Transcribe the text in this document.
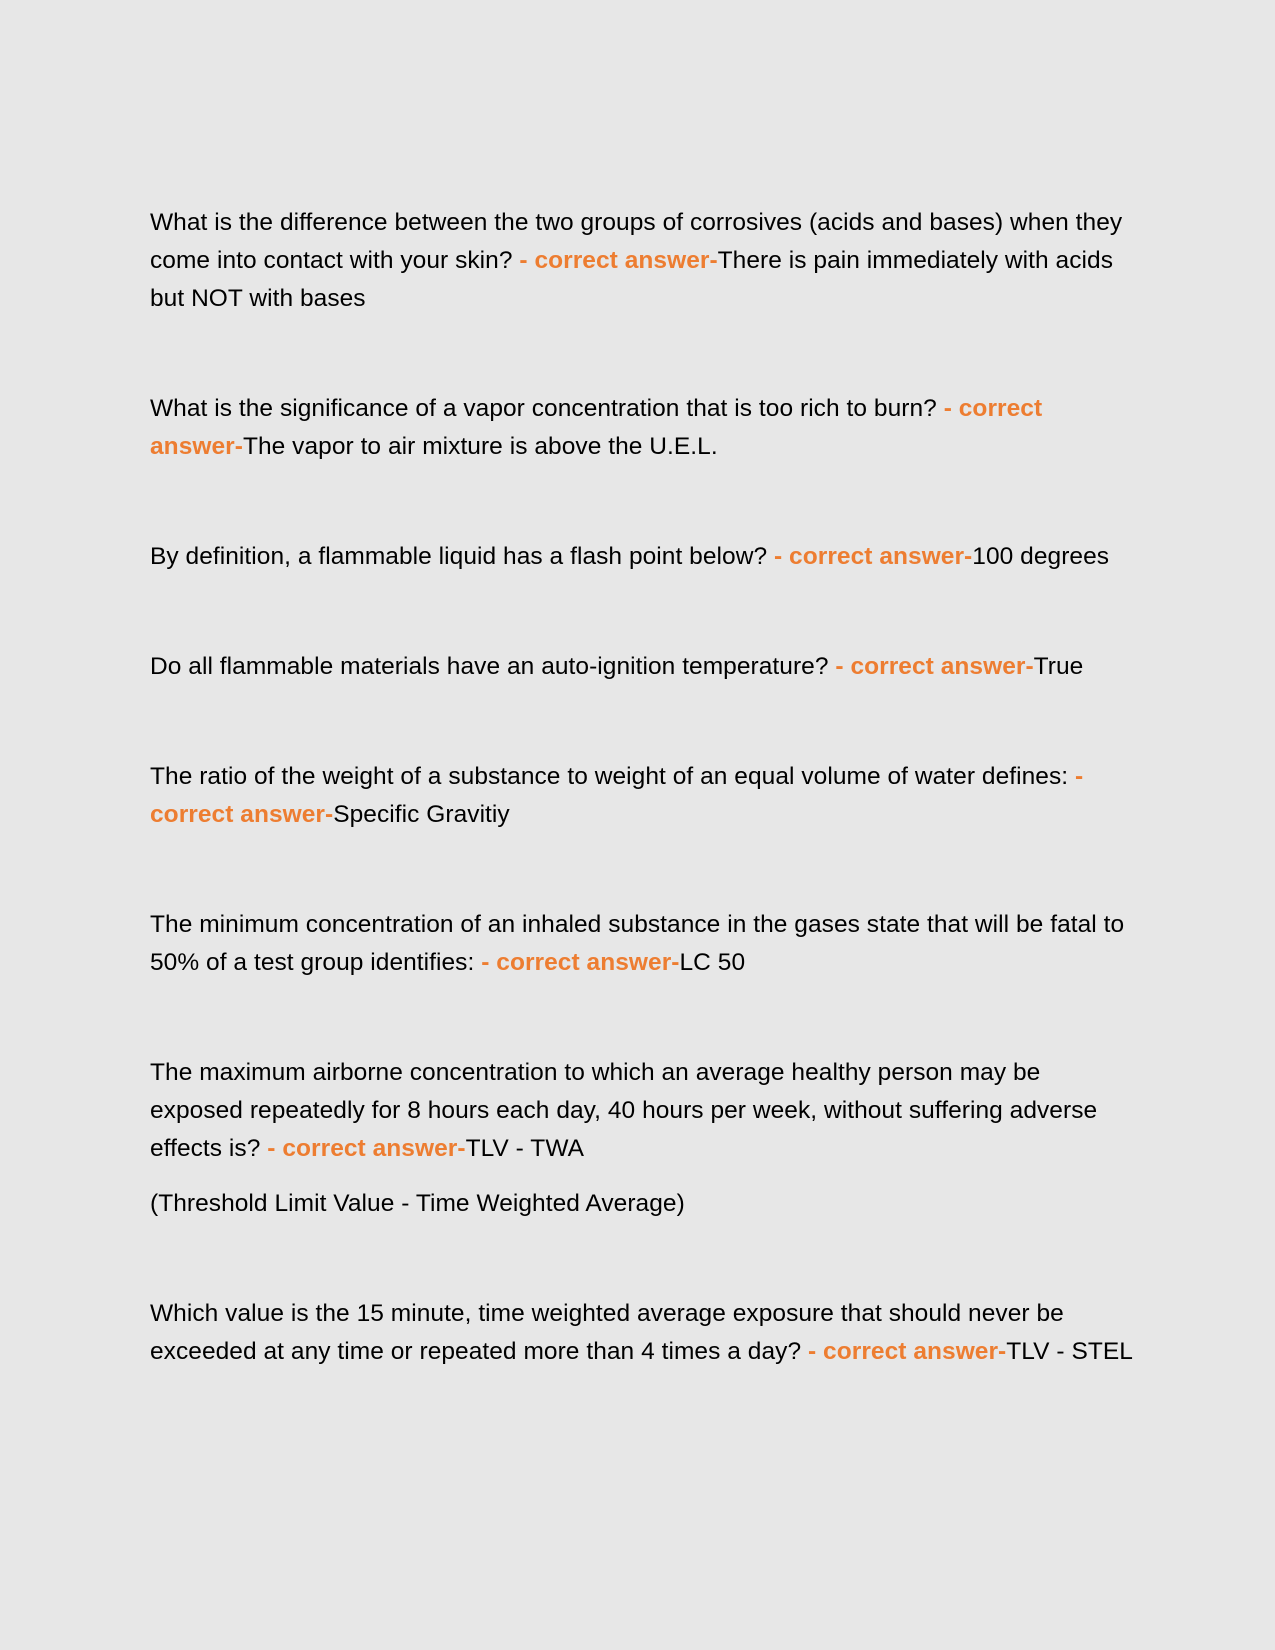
What is the difference between the two groups of corrosives (acids and bases) when they come into contact with your skin? - correct answer-There is pain immediately with acids but NOT with bases

What is the significance of a vapor concentration that is too rich to burn? - correct answer-The vapor to air mixture is above the U.E.L.

By definition, a flammable liquid has a flash point below? - correct answer-100 degrees

Do all flammable materials have an auto-ignition temperature? - correct answer-True

The ratio of the weight of a substance to weight of an equal volume of water defines: - correct answer-Specific Gravitiy

The minimum concentration of an inhaled substance in the gases state that will be fatal to 50% of a test group identifies: - correct answer-LC 50

The maximum airborne concentration to which an average healthy person may be exposed repeatedly for 8 hours each day, 40 hours per week, without suffering adverse effects is? - correct answer-TLV - TWA

(Threshold Limit Value - Time Weighted Average)

Which value is the 15 minute, time weighted average exposure that should never be exceeded at any time or repeated more than 4 times a day? - correct answer-TLV - STEL
